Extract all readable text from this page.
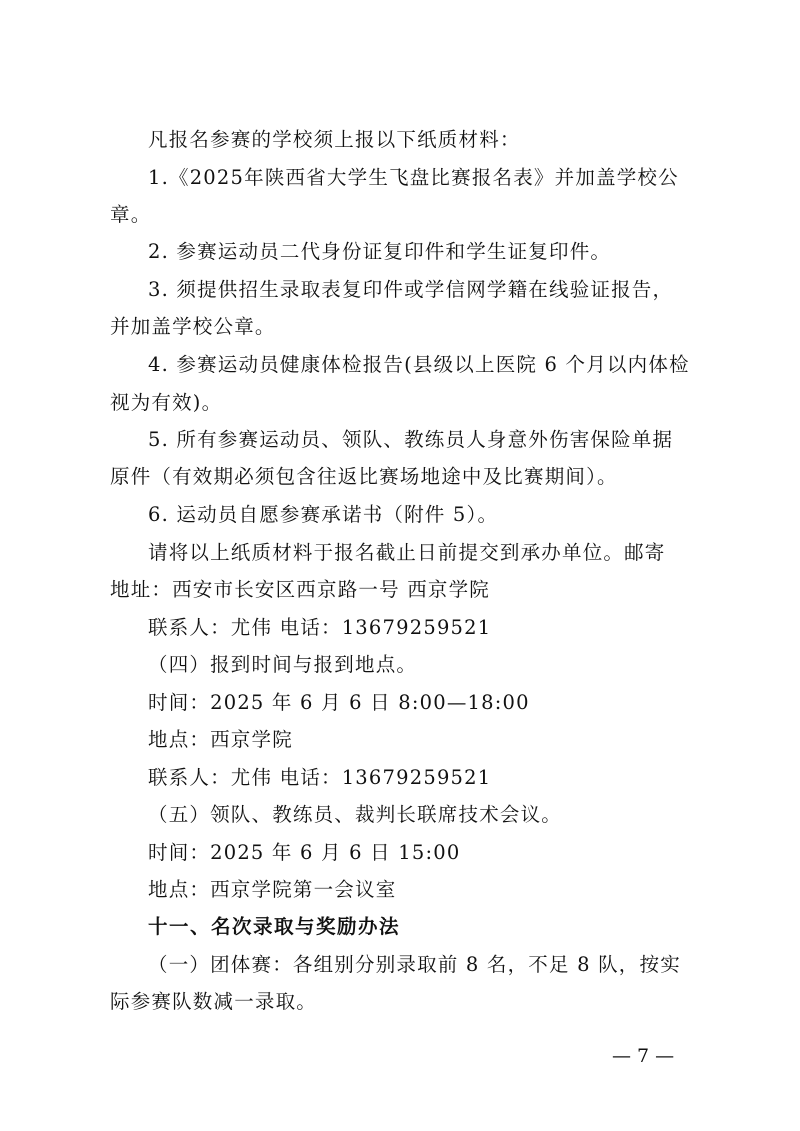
凡报名参赛的学校须上报以下纸质材料：
1.《2025年陕西省大学生飞盘比赛报名表》并加盖学校公
章。
2. 参赛运动员二代身份证复印件和学生证复印件。
3. 须提供招生录取表复印件或学信网学籍在线验证报告，
并加盖学校公章。
4. 参赛运动员健康体检报告(县级以上医院 6 个月以内体检
视为有效)。
5. 所有参赛运动员、领队、教练员人身意外伤害保险单据
原件（有效期必须包含往返比赛场地途中及比赛期间）。
6. 运动员自愿参赛承诺书（附件 5）。
请将以上纸质材料于报名截止日前提交到承办单位。邮寄
地址：西安市长安区西京路一号 西京学院
联系人：尤伟 电话：13679259521
（四）报到时间与报到地点。
时间：2025 年 6 月 6 日 8:00—18:00
地点：西京学院
联系人：尤伟 电话：13679259521
（五）领队、教练员、裁判长联席技术会议。
时间：2025 年 6 月 6 日 15:00
地点：西京学院第一会议室
十一、名次录取与奖励办法
（一）团体赛：各组别分别录取前 8 名，不足 8 队，按实
际参赛队数减一录取。
— 7 —
